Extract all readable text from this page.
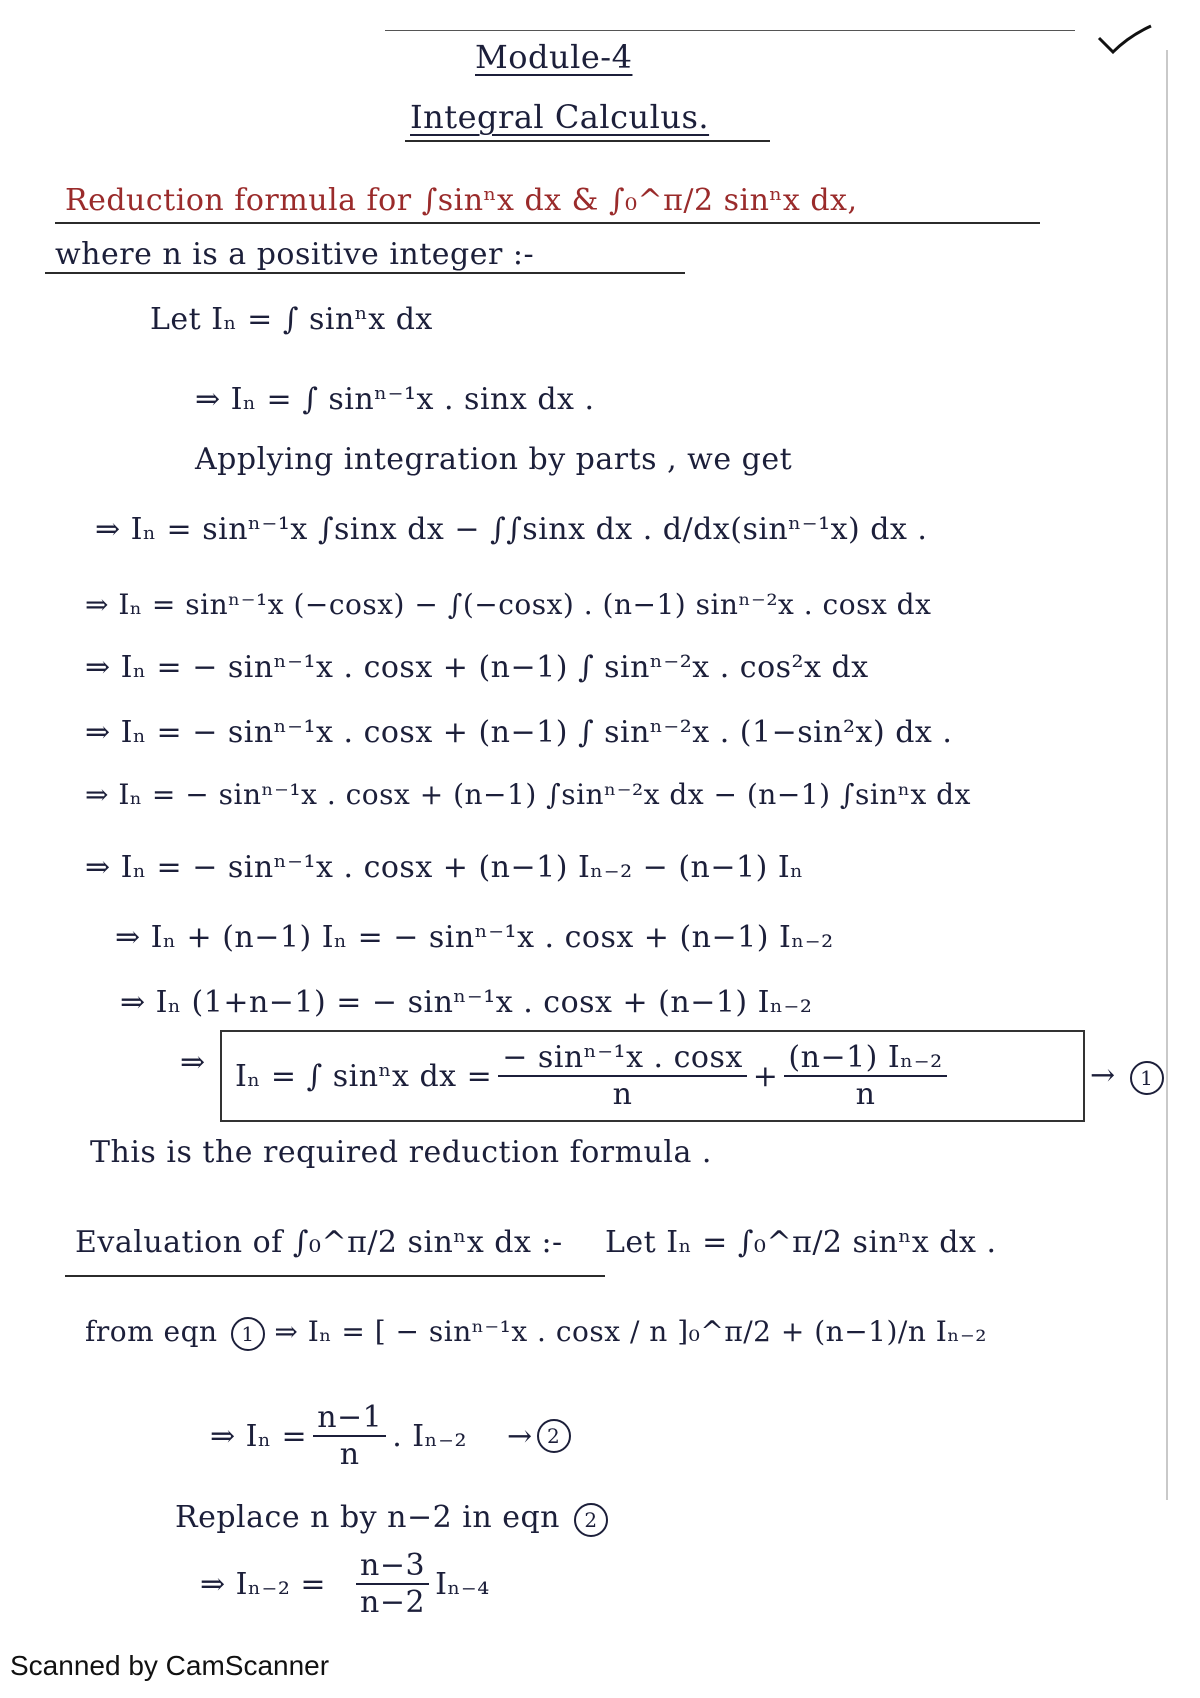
Module-4
Integral Calculus.
Reduction formula for ∫sinⁿx dx & ∫₀^π/2 sinⁿx dx,
where n is a positive integer :-
Let Iₙ = ∫ sinⁿx dx
⇒ Iₙ = ∫ sinⁿ⁻¹x . sinx dx .
Applying integration by parts , we get
⇒ Iₙ = sinⁿ⁻¹x ∫sinx dx − ∫∫sinx dx . d/dx(sinⁿ⁻¹x) dx .
⇒ Iₙ = sinⁿ⁻¹x (−cosx) − ∫(−cosx) . (n−1) sinⁿ⁻²x . cosx dx
⇒ Iₙ = − sinⁿ⁻¹x . cosx + (n−1) ∫ sinⁿ⁻²x . cos²x dx
⇒ Iₙ = − sinⁿ⁻¹x . cosx + (n−1) ∫ sinⁿ⁻²x . (1−sin²x) dx .
⇒ Iₙ = − sinⁿ⁻¹x . cosx + (n−1) ∫sinⁿ⁻²x dx − (n−1) ∫sinⁿx dx
⇒ Iₙ = − sinⁿ⁻¹x . cosx + (n−1) Iₙ₋₂ − (n−1) Iₙ
⇒ Iₙ + (n−1) Iₙ = − sinⁿ⁻¹x . cosx + (n−1) Iₙ₋₂
⇒ Iₙ (1+n−1) = − sinⁿ⁻¹x . cosx + (n−1) Iₙ₋₂
⇒ Iₙ = ∫ sinⁿx dx = $\frac{\text{− sinⁿ⁻¹x . cosx}}{n} + \frac{\text{(n−1) Iₙ₋₂}}{n}$	→ 1
This is the required reduction formula .
Evaluation of ∫₀^π/2 sinⁿx dx :- Let Iₙ = ∫₀^π/2 sinⁿx dx .
from eqn 1 ⇒ Iₙ = [ − sinⁿ⁻¹x . cosx / n ]₀^π/2 + (n−1)/n Iₙ₋₂
⇒ $I_n = \frac{n-1}{n}$ . Iₙ₋₂ → 2
Replace n by n−2 in eqn 2
⇒ $I_{n-2} = \frac{n-3}{n-2} I_{n-4}$
Scanned by CamScanner
